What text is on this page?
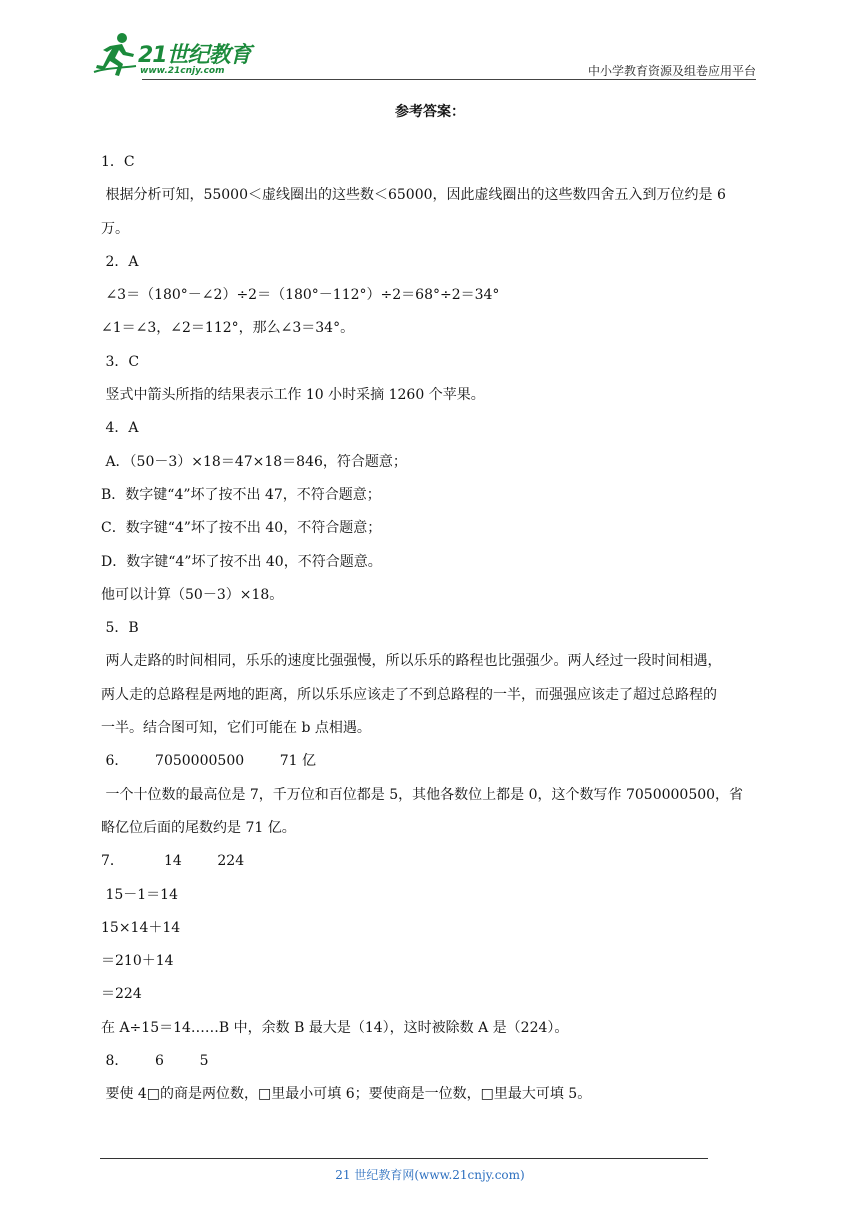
21世纪教育
www.21cnjy.com	中小学教育资源及组卷应用平台
参考答案：
1．C
根据分析可知，55000＜虚线圈出的这些数＜65000，因此虚线圈出的这些数四舍五入到万位约是 6
万。
2．A
∠3＝（180°－∠2）÷2＝（180°－112°）÷2＝68°÷2＝34°
∠1＝∠3，∠2＝112°，那么∠3＝34°。
3．C
竖式中箭头所指的结果表示工作 10 小时采摘 1260 个苹果。
4．A
A．（50－3）×18＝47×18＝846，符合题意；
B．数字键“4”坏了按不出 47，不符合题意；
C．数字键“4”坏了按不出 40，不符合题意；
D．数字键“4”坏了按不出 40，不符合题意。
他可以计算（50－3）×18。
5．B
两人走路的时间相同，乐乐的速度比强强慢，所以乐乐的路程也比强强少。两人经过一段时间相遇，
两人走的总路程是两地的距离，所以乐乐应该走了不到总路程的一半，而强强应该走了超过总路程的
一半。结合图可知，它们可能在 b 点相遇。
6．      7050000500        71 亿
一个十位数的最高位是 7，千万位和百位都是 5，其他各数位上都是 0，这个数写作 7050000500，省
略亿位后面的尾数约是 71 亿。
7．         14        224
15－1＝14
15×14＋14
＝210＋14
＝224
在 A÷15＝14……B 中，余数 B 最大是（14），这时被除数 A 是（224）。
8．      6        5
要使 4□的商是两位数，□里最小可填 6；要使商是一位数，□里最大可填 5。
21 世纪教育网(www.21cnjy.com)
